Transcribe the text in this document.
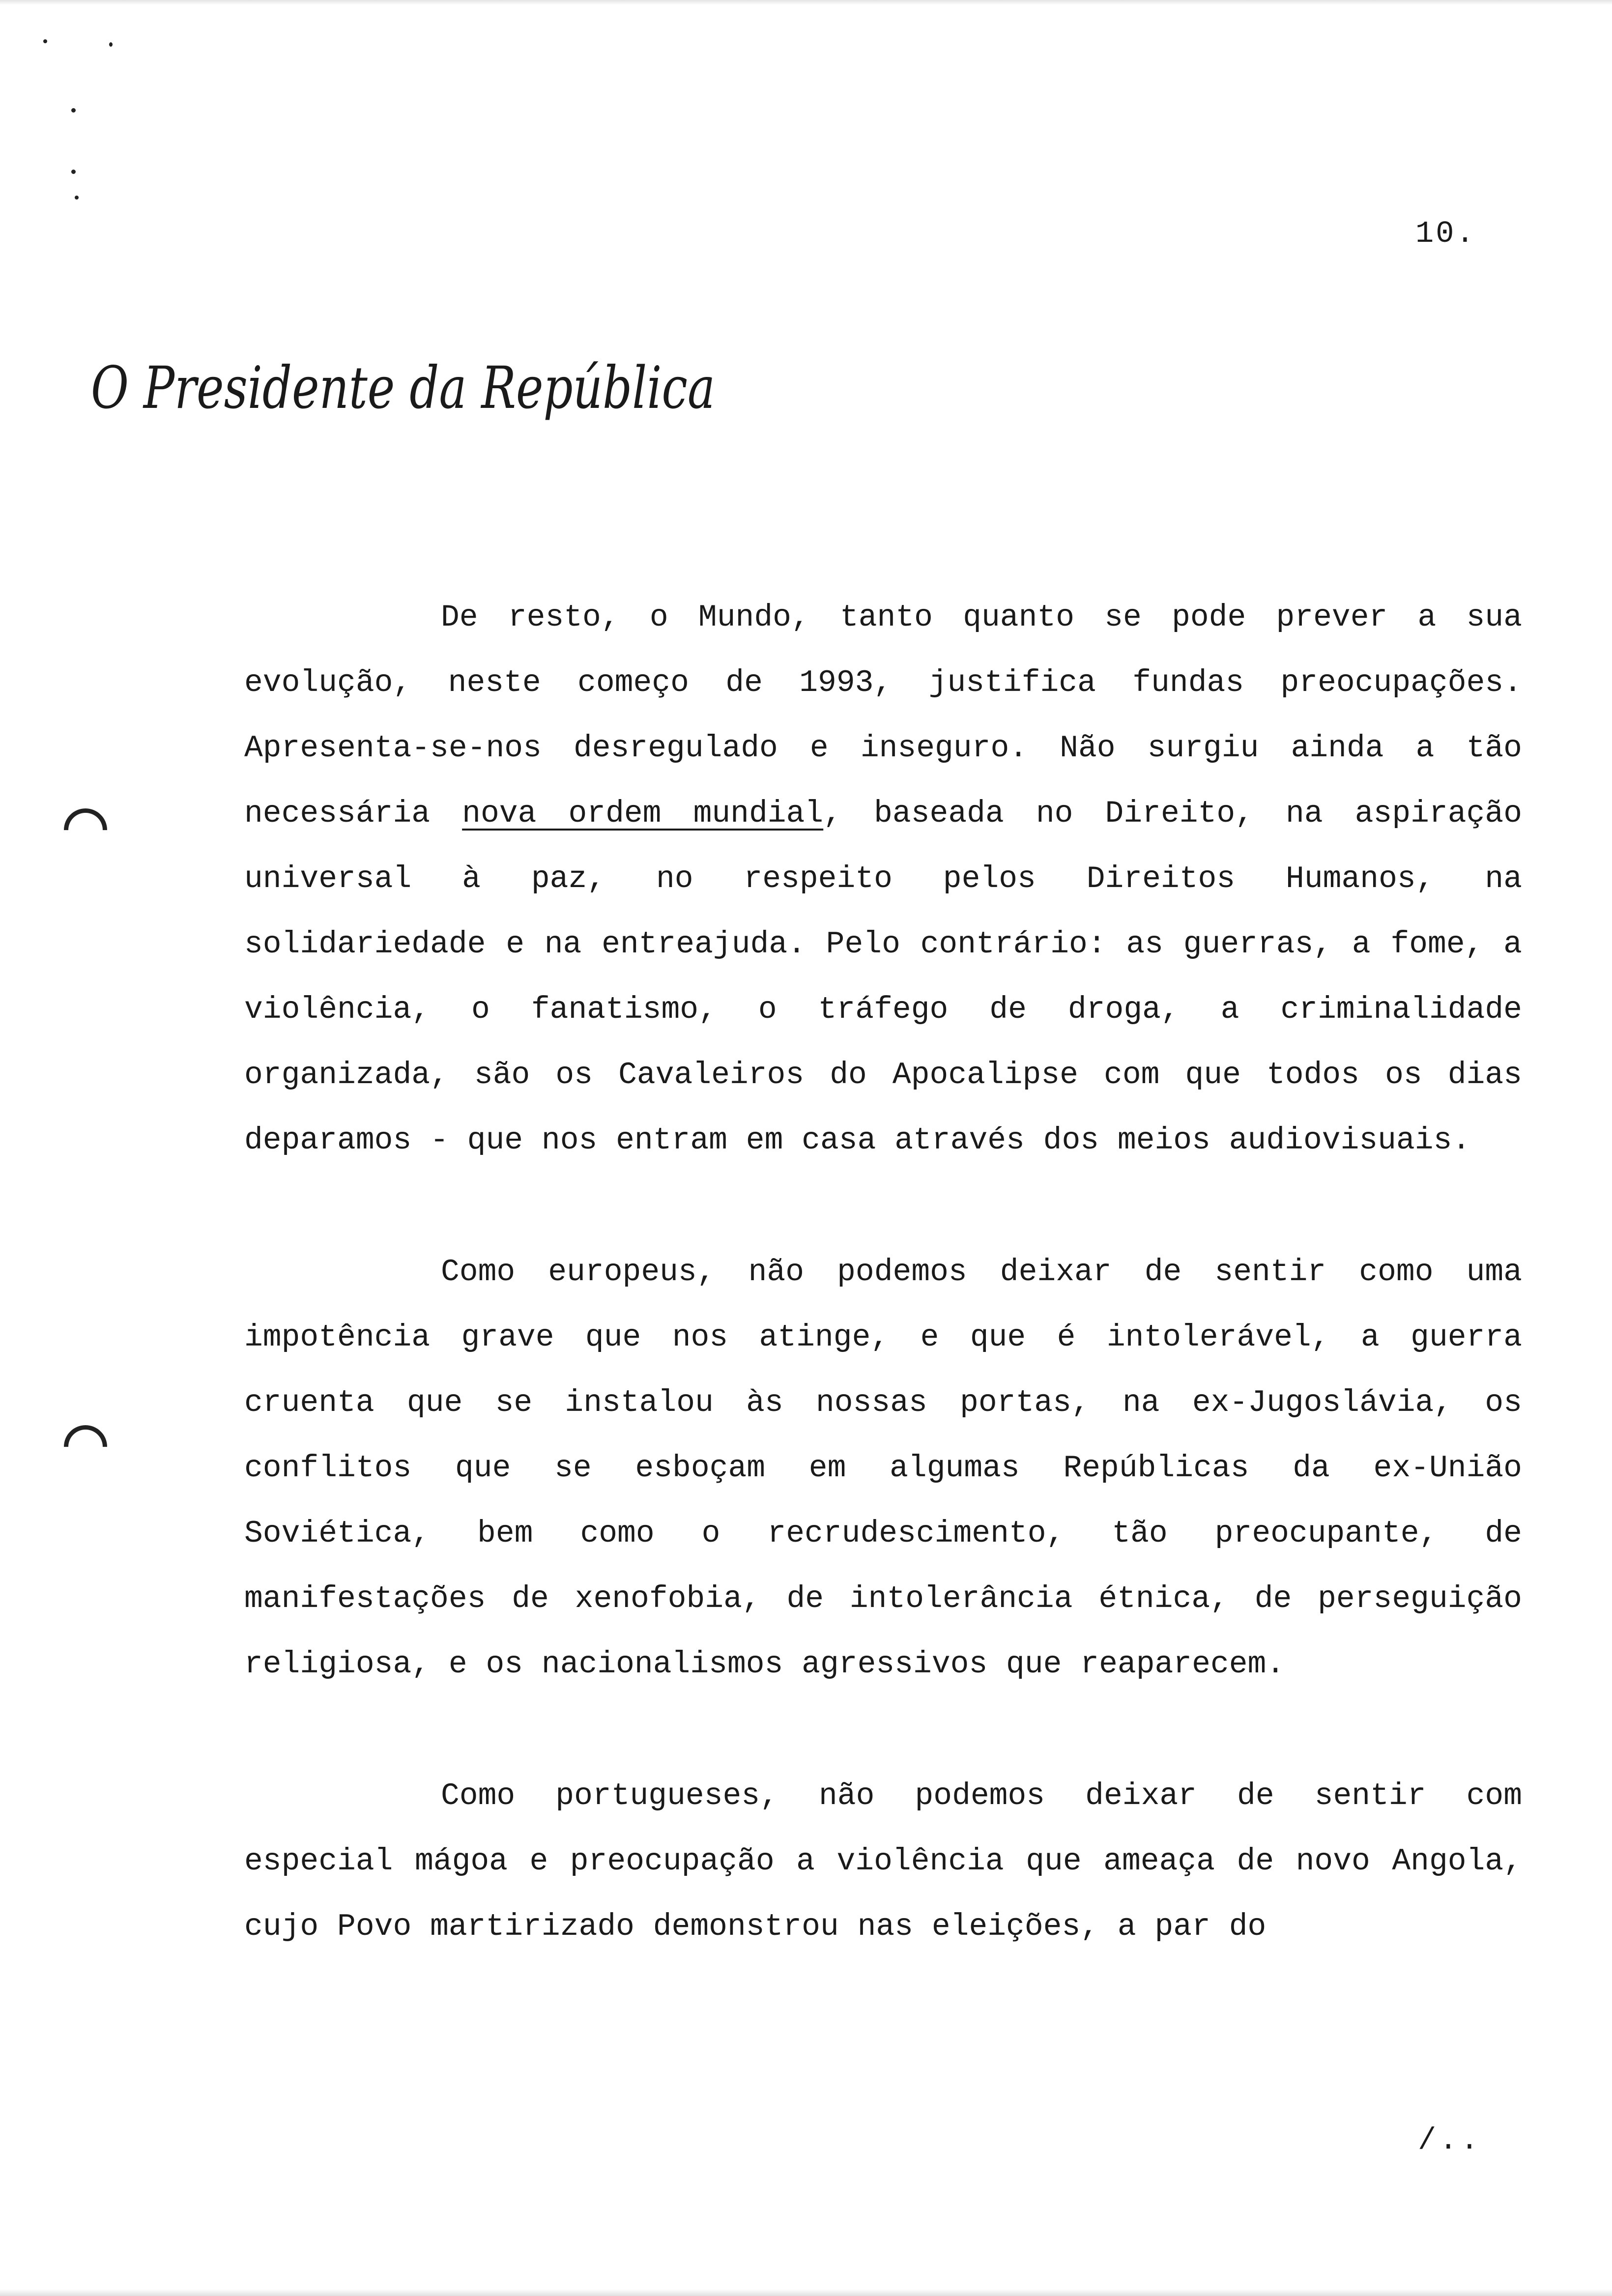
10.
O Presidente da República

De resto, o Mundo, tanto quanto se pode prever a sua evolução, neste começo de 1993, justifica fundas preocupações. Apresenta-se-nos desregulado e inseguro. Não surgiu ainda a tão necessária nova ordem mundial, baseada no Direito, na aspiração universal à paz, no respeito pelos Direitos Humanos, na solidariedade e na entreajuda. Pelo contrário: as guerras, a fome, a violência, o fanatismo, o tráfego de droga, a criminalidade organizada, são os Cavaleiros do Apocalipse com que todos os dias deparamos - que nos entram em casa através dos meios audiovisuais.

Como europeus, não podemos deixar de sentir como uma impotência grave que nos atinge, e que é intolerável, a guerra cruenta que se instalou às nossas portas, na ex-Jugoslávia, os conflitos que se esboçam em algumas Repúblicas da ex-União Soviética, bem como o recrudescimento, tão preocupante, de manifestações de xenofobia, de intolerância étnica, de perseguição religiosa, e os nacionalismos agressivos que reaparecem.

Como portugueses, não podemos deixar de sentir com especial mágoa e preocupação a violência que ameaça de novo Angola, cujo Povo martirizado demonstrou nas eleições, a par do

/..
